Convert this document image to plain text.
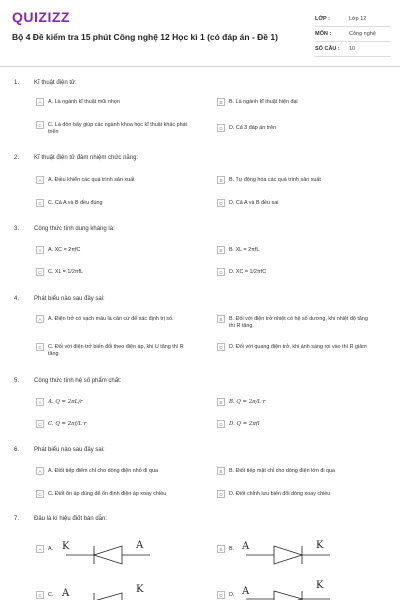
QUIZIZZ
Bộ 4 Đề kiểm tra 15 phút Công nghệ 12 Học kì 1 (có đáp án - Đề 1)
LỚP :	Lớp 12
MÔN :	Công nghệ
SỐ CÂU :	10
1. Kĩ thuật điện tử:
A	A. Là ngành kĩ thuật mũi nhọn	B	B. Là ngành kĩ thuật hiện đại
C	C. Là đòn bẩy giúp các ngành khoa học kĩ thuật khác phát triển
D	D. Cả 3 đáp án trên
2. Kĩ thuật điện tử đảm nhiệm chức năng:
A	A. Điều khiển các quá trình sản xuất	B	B. Tự động hóa các quá trình sản xuất
C	C. Cả A và B đều đúng	D	D. Cả A và B đều sai
3. Công thức tính dung kháng là:
A	A. XC = 2πfC	B	B. XL = 2πfL
C	C. XL = 1/2πfL	D	D. XC = 1/2πfC
4. Phát biểu nào sau đây sai:
A	A. Điện trở có vạch màu là căn cứ để xác định trị số.	B	B. Đối với điện trở nhiệt có hệ số dương, khi nhiệt độ tăng thì R tăng.
C	C. Đối với điện trở biến đổi theo điện áp, khi U tăng thì R tăng
D	D. Đối với quang điện trở, khi ánh sáng rọi vào thì R giảm
5. Công thức tính hệ số phẩm chất:
A	A. Q = 2πL/r	B	B. Q = 2π/L·r
C	C. Q = 2πf/L·r	D	D. Q = 2πfl
6. Phát biểu nào sau đây sai:
A	A. Điốt tiếp điểm chỉ cho dòng điện nhỏ đi qua	B	B. Điốt tiếp mặt chỉ cho dòng điện lớn đi qua
C	C. Điốt ổn áp dùng để ổn định điện áp xoay chiều	D	D. Điốt chỉnh lưu biến đổi dòng xoay chiều
7. Đâu là kí hiệu điốt bán dẫn:
A	A.	B	B.
C	C.	D	D.
K	A	A	K
A	K	A
K
